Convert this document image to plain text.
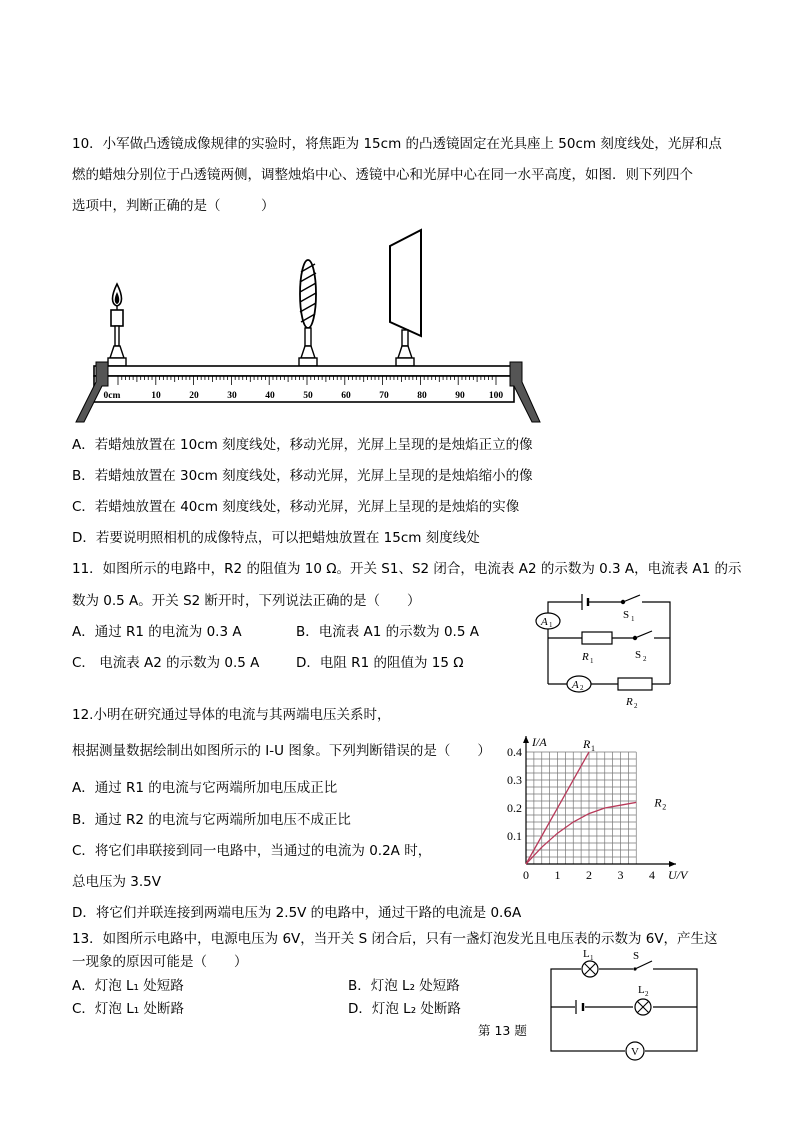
10．小军做凸透镜成像规律的实验时，将焦距为 15cm 的凸透镜固定在光具座上 50cm 刻度线处，光屏和点
燃的蜡烛分别位于凸透镜两侧，调整烛焰中心、透镜中心和光屏中心在同一水平高度，如图．则下列四个
选项中，判断正确的是（　　　）
0cm	10	20	30	40	50	60	70	80	90	100
A．若蜡烛放置在 10cm 刻度线处，移动光屏，光屏上呈现的是烛焰正立的像
B．若蜡烛放置在 30cm 刻度线处，移动光屏，光屏上呈现的是烛焰缩小的像
C．若蜡烛放置在 40cm 刻度线处，移动光屏，光屏上呈现的是烛焰的实像
D．若要说明照相机的成像特点，可以把蜡烛放置在 15cm 刻度线处
11．如图所示的电路中，R2 的阻值为 10 Ω。开关 S1、S2 闭合，电流表 A2 的示数为 0.3 A，电流表 A1 的示
数为 0.5 A。开关 S2 断开时，下列说法正确的是（　　）
A．通过 R1 的电流为 0.3 A	B．电流表 A1 的示数为 0.5 A
C． 电流表 A2 的示数为 0.5 A	D．电阻 R1 的阻值为 15 Ω
A 1
A 2
S 1
S 2
R 1
R 2
12.小明在研究通过导体的电流与其两端电压关系时，
根据测量数据绘制出如图所示的 I-U 图象。下列判断错误的是（　　）
A．通过 R1 的电流与它两端所加电压成正比
B．通过 R2 的电流与它两端所加电压不成正比
C．将它们串联接到同一电路中，当通过的电流为 0.2A 时，
总电压为 3.5V
D．将它们并联连接到两端电压为 2.5V 的电路中，通过干路的电流是 0.6A
0 1 2 3 4
0.1
0.2
0.3
0.4
U/V
I/A	R 1
R 2
13．如图所示电路中，电源电压为 6V，当开关 S 闭合后，只有一盏灯泡发光且电压表的示数为 6V，产生这
一现象的原因可能是（　　）
A．灯泡 L₁ 处短路	B．灯泡 L₂ 处短路
C．灯泡 L₁ 处断路	D．灯泡 L₂ 处断路
第 13 题
L 1	S
L 2
V
